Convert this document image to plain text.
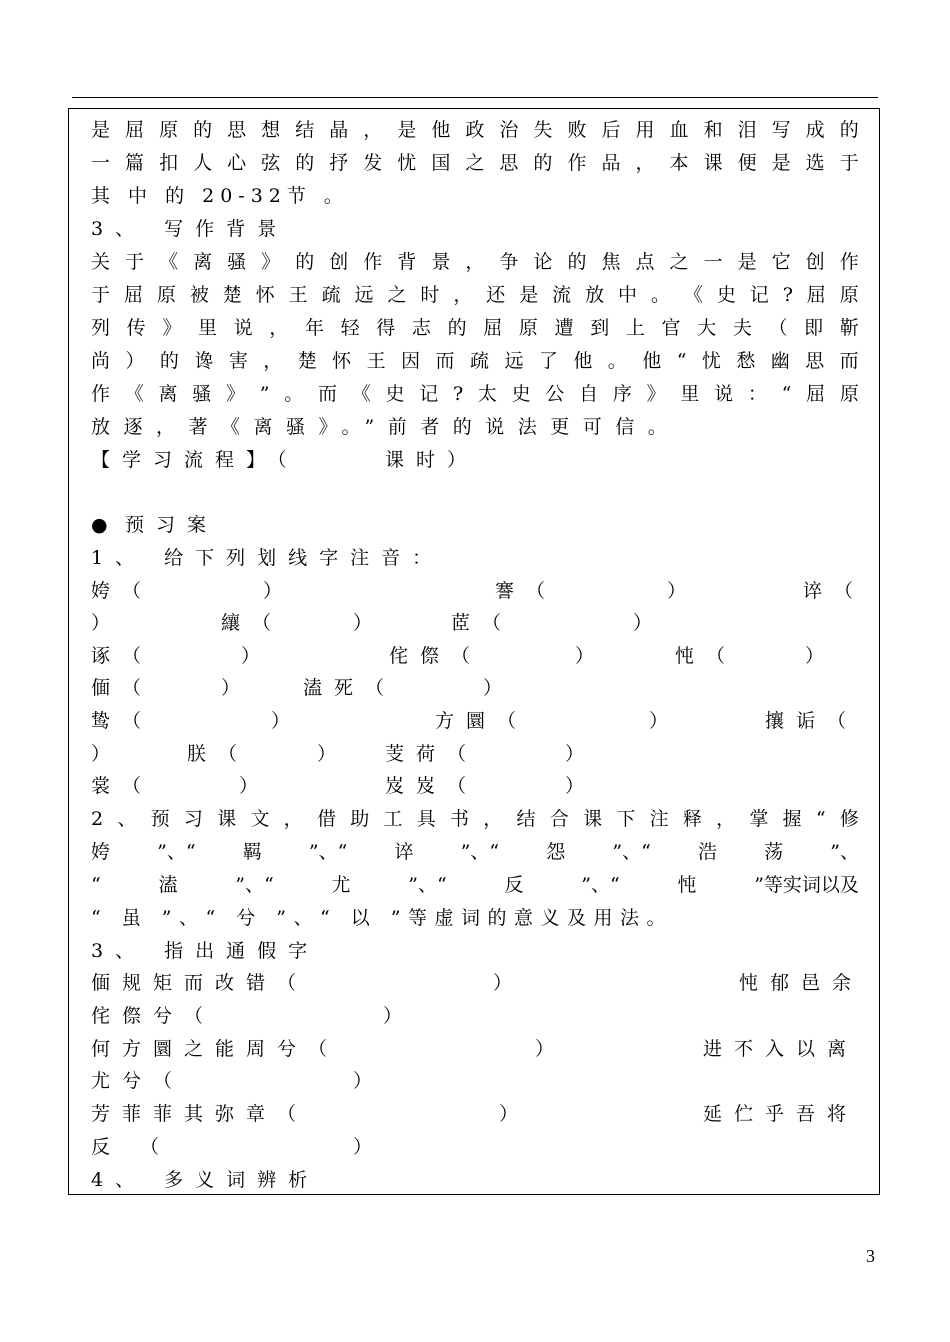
是 屈 原 的 思 想 结 晶 ， 是 他 政 治 失 败 后 用 血 和 泪 写 成 的
一 篇 扣 人 心 弦 的 抒 发 忧 国 之 思 的 作 品 ， 本 课 便 是 选 于
其 中 的 20-32节 。
3、 写作背景
关 于 《 离 骚 》 的 创 作 背 景 ， 争 论 的 焦 点 之 一 是 它 创 作
于 屈 原 被 楚 怀 王 疏 远 之 时 ， 还 是 流 放 中 。 《 史 记 ? 屈 原
列 传 》 里 说 ， 年 轻 得 志 的 屈 原 遭 到 上 官 大 夫 （ 即 靳
尚 ） 的 谗 害 ， 楚 怀 王 因 而 疏 远 了 他 。 他 “ 忧 愁 幽 思 而
作 《 离 骚 》 ” 。 而 《 史 记 ? 太 史 公 自 序 》 里 说 ： “ 屈 原
放逐，著《离骚》。”前者的说法更可信。
【学习流程】（	课时）
● 预习案
1、 给下列划线字注音：
姱（	）	謇（	）	谇（
）	纕（	）	茝（	）
诼（	）	侘傺（	）	忳（	）
偭（	）	溘死（	）
鸷（	）	方圜（	）	攘诟（
）	朕（	）	芰荷（	）
裳（	）	岌岌（	）
2 、 预 习 课 文 ， 借 助 工 具 书 ， 结 合 课 下 注 释 ， 掌 握 “ 修
姱 ”、“ 羁 ”、“ 谇 ”、“ 怨 ”、“ 浩 荡 ”、
“	溘	”、“	尤	”、“	反	”、“	忳	”等实词以及
“ 虽 ”、“ 兮 ”、“ 以 ”等虚词的意义及用法。
3、 指出通假字
偭规矩而改错（	）	忳郁邑余
侘傺兮（	）
何方圜之能周兮（	）	进不入以离
尤兮（	）
芳菲菲其弥章（	）	延伫乎吾将
反 （	）
4、 多义词辨析
3
